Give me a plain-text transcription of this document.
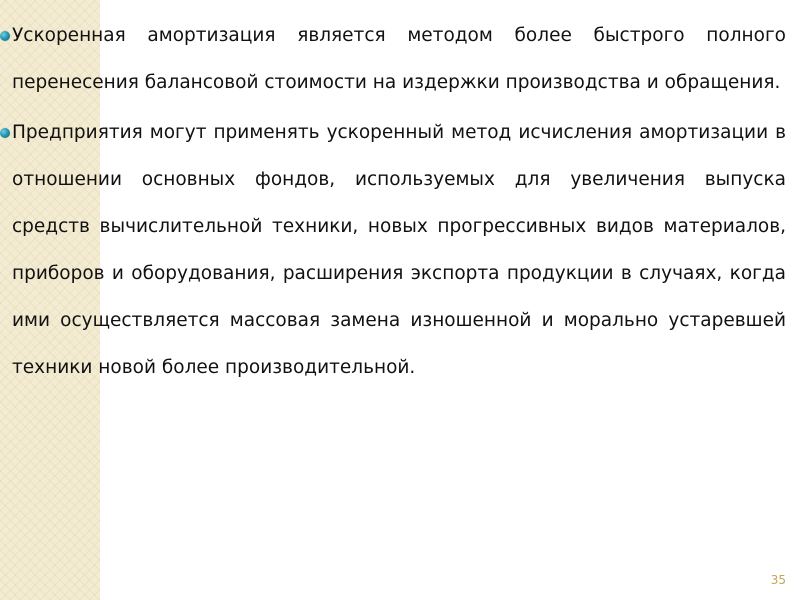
Ускоренная амортизация является методом более быстрого полного перенесения балансовой стоимости на издержки производства и обращения.

Предприятия могут применять ускоренный метод исчисления амортизации в отношении основных фондов, используемых для увеличения выпуска средств вычислительной техники, новых прогрессивных видов материалов, приборов и оборудования, расширения экспорта продукции в случаях, когда ими осуществляется массовая замена изношенной и морально устаревшей техники новой более производительной.

35
